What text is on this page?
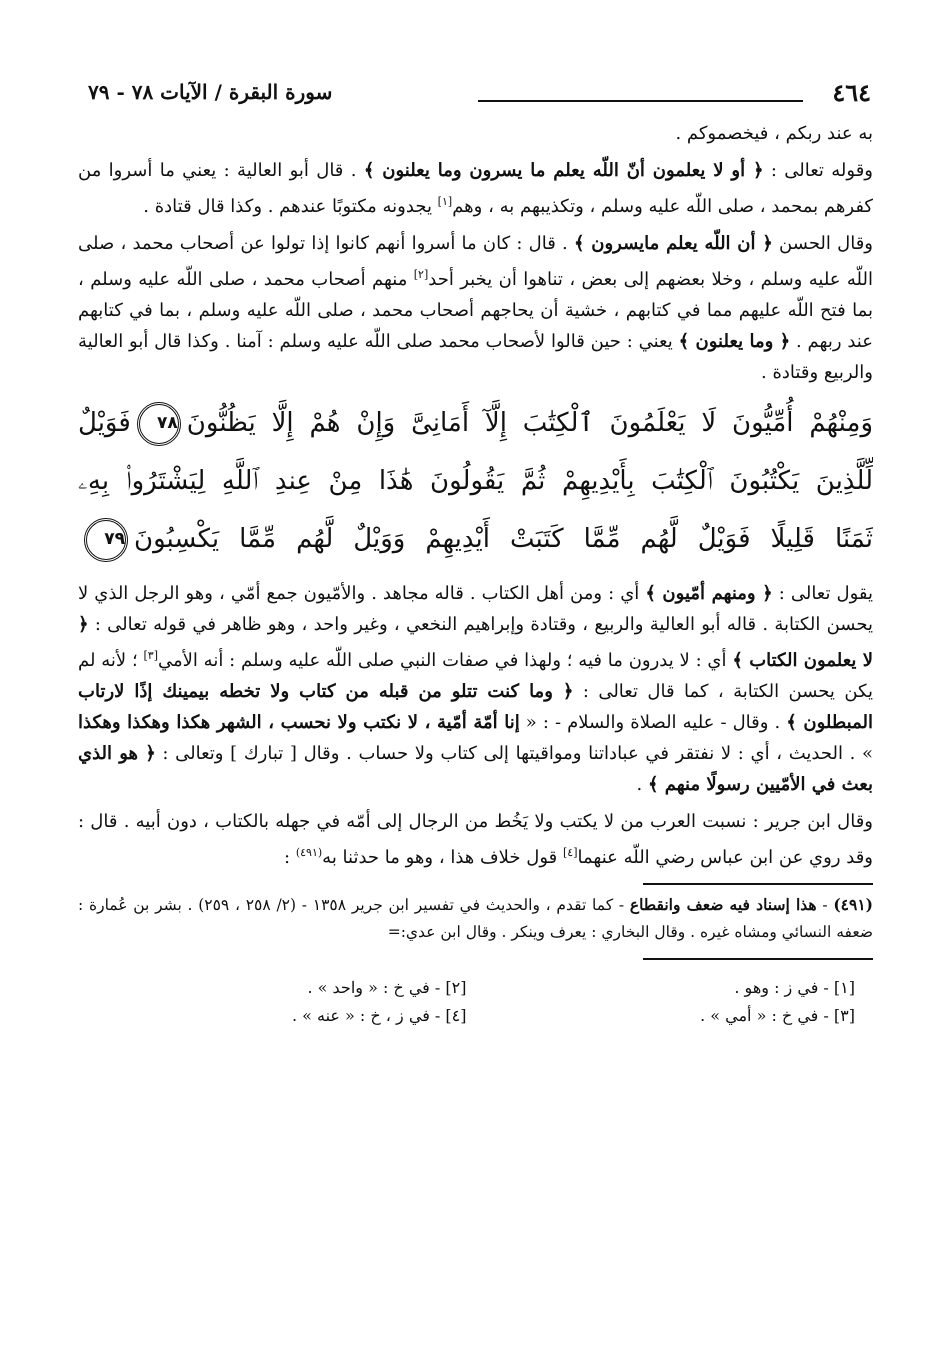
٤٦٤
سورة البقرة / الآيات ٧٨ - ٧٩
به عند ربكم ، فيخصموكم .
وقوله تعالى : ﴿ أو لا يعلمون أنّ اللّه يعلم ما يسرون وما يعلنون ﴾ . قال أبو العالية : يعني ما أسروا من كفرهم بمحمد ، صلى اللّه عليه وسلم ، وتكذيبهم به ، وهم[١] يجدونه مكتوبًا عندهم . وكذا قال قتادة .
وقال الحسن ﴿ أن اللّه يعلم مايسرون ﴾ . قال : كان ما أسروا أنهم كانوا إذا تولوا عن أصحاب محمد ، صلى اللّه عليه وسلم ، وخلا بعضهم إلى بعض ، تناهوا أن يخبر أحد[٢] منهم أصحاب محمد ، صلى اللّه عليه وسلم ، بما فتح اللّه عليهم مما في كتابهم ، خشية أن يحاجهم أصحاب محمد ، صلى اللّه عليه وسلم ، بما في كتابهم عند ربهم . ﴿ وما يعلنون ﴾ يعني : حين قالوا لأصحاب محمد صلى اللّه عليه وسلم : آمنا . وكذا قال أبو العالية والربيع وقتادة .
وَمِنْهُمْ أُمِّيُّونَ لَا يَعْلَمُونَ ٱلْكِتَٰبَ إِلَّآ أَمَانِىَّ وَإِنْ هُمْ إِلَّا يَظُنُّونَ٧٨فَوَيْلٌ
لِّلَّذِينَ يَكْتُبُونَ ٱلْكِتَٰبَ بِأَيْدِيهِمْ ثُمَّ يَقُولُونَ هَٰذَا مِنْ عِندِ ٱللَّهِ لِيَشْتَرُوا۟ بِهِۦ
ثَمَنًا قَلِيلًا فَوَيْلٌ لَّهُم مِّمَّا كَتَبَتْ أَيْدِيهِمْ وَوَيْلٌ لَّهُم مِّمَّا يَكْسِبُونَ٧٩
يقول تعالى : ﴿ ومنهم أمّيون ﴾ أي : ومن أهل الكتاب . قاله مجاهد . والأمّيون جمع أمّي ، وهو الرجل الذي لا يحسن الكتابة . قاله أبو العالية والربيع ، وقتادة وإبراهيم النخعي ، وغير واحد ، وهو ظاهر في قوله تعالى : ﴿ لا يعلمون الكتاب ﴾ أي : لا يدرون ما فيه ؛ ولهذا في صفات النبي صلى اللّه عليه وسلم : أنه الأمي[٣] ؛ لأنه لم يكن يحسن الكتابة ، كما قال تعالى : ﴿ وما كنت تتلو من قبله من كتاب ولا تخطه بيمينك إذًا لارتاب المبطلون ﴾ . وقال - عليه الصلاة والسلام - : « إنا أمّة أمّية ، لا نكتب ولا نحسب ، الشهر هكذا وهكذا وهكذا » . الحديث ، أي : لا نفتقر في عباداتنا ومواقيتها إلى كتاب ولا حساب . وقال [ تبارك ] وتعالى : ﴿ هو الذي بعث في الأمّيين رسولًا منهم ﴾ .
وقال ابن جرير : نسبت العرب من لا يكتب ولا يَخُط من الرجال إلى أمّه في جهله بالكتاب ، دون أبيه . قال : وقد روي عن ابن عباس رضي اللّه عنهما[٤] قول خلاف هذا ، وهو ما حدثنا به$^{(٤٩١)}$ :
(٤٩١) - هذا إسناد فيه ضعف وانقطاع - كما تقدم ، والحديث في تفسير ابن جرير ١٣٥٨ - (٢/ ٢٥٨ ، ٢٥٩) . بشر بن عُمارة : ضعفه النسائي ومشاه غيره . وقال البخاري : يعرف وينكر . وقال ابن عدي:=
[١] - في ز : وهو .
[٢] - في خ : « واحد » .
[٣] - في خ : « أمي » .
[٤] - في ز ، خ : « عنه » .
